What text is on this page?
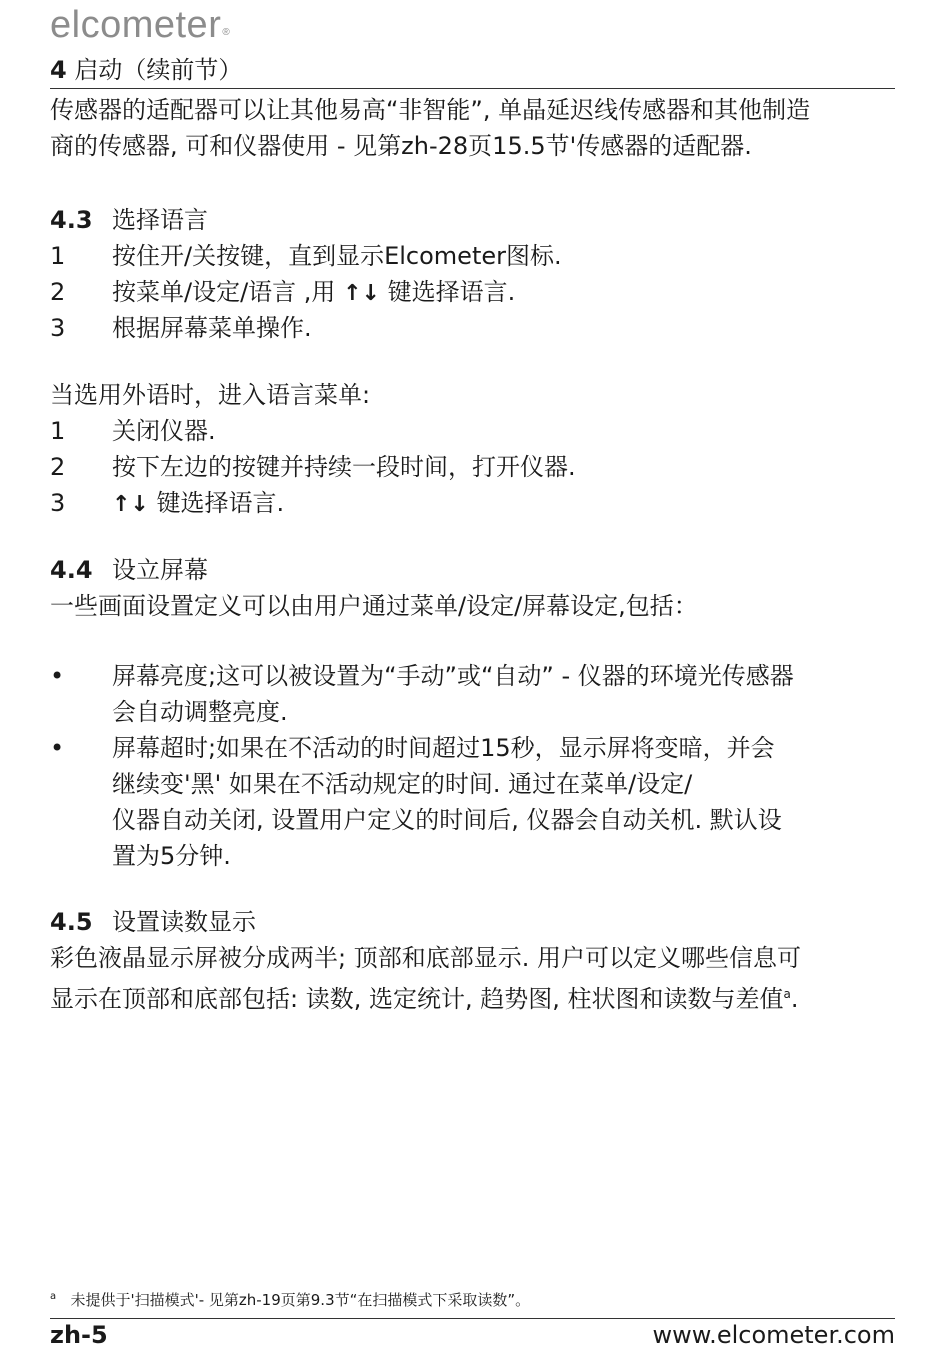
elcometer®
4 启动（续前节）
传感器的适配器可以让其他易高“非智能”, 单晶延迟线传感器和其他制造
商的传感器, 可和仪器使用 - 见第zh-28页15.5节'传感器的适配器.
4.3 选择语言
1 按住开/关按键，直到显示Elcometer图标.
2 按菜单/设定/语言 ,用 ↑↓ 键选择语言.
3 根据屏幕菜单操作.
当选用外语时，进入语言菜单:
1 关闭仪器.
2 按下左边的按键并持续一段时间，打开仪器.
3 ↑↓ 键选择语言.
4.4 设立屏幕
一些画面设置定义可以由用户通过菜单/设定/屏幕设定,包括：
• 屏幕亮度;这可以被设置为“手动”或“自动” - 仪器的环境光传感器
会自动调整亮度.
• 屏幕超时;如果在不活动的时间超过15秒，显示屏将变暗，并会
继续变'黑' 如果在不活动规定的时间. 通过在菜单/设定/
仪器自动关闭, 设置用户定义的时间后, 仪器会自动关机. 默认设
置为5分钟.
4.5 设置读数显示
彩色液晶显示屏被分成两半; 顶部和底部显示. 用户可以定义哪些信息可
显示在顶部和底部包括: 读数, 选定统计, 趋势图, 柱状图和读数与差值$^a$.
$^a$ 未提供于'扫描模式'- 见第zh-19页第9.3节“在扫描模式下采取读数”。
zh-5	www.elcometer.com
